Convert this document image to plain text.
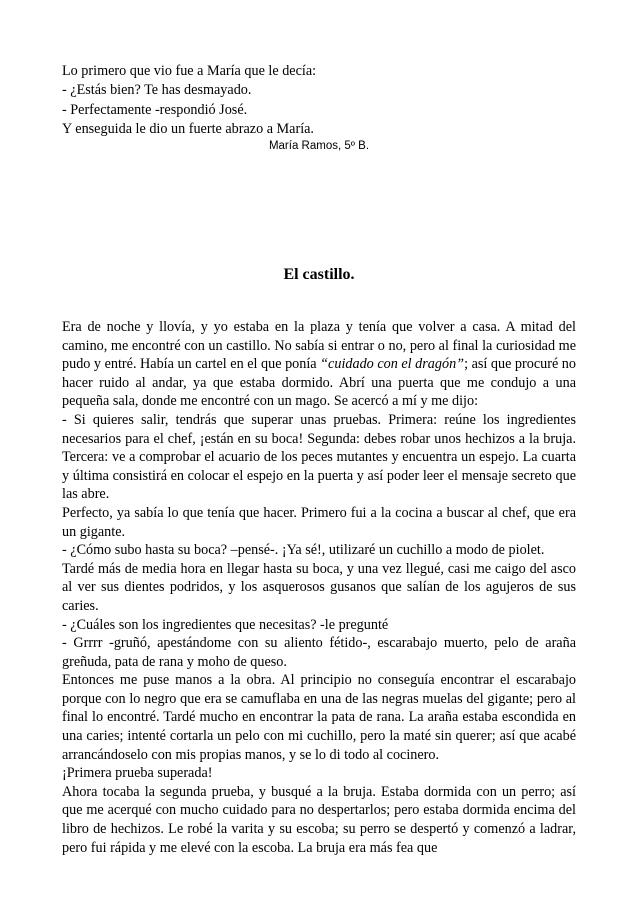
Lo primero que vio fue a María que le decía:

- ¿Estás bien? Te has desmayado.

- Perfectamente -respondió José.

Y enseguida le dio un fuerte abrazo a María.

María Ramos, 5º B.
El castillo.

Era de noche y llovía, y yo estaba en la plaza y tenía que volver a casa. A mitad del camino, me encontré con un castillo. No sabía si entrar o no, pero al final la curiosidad me pudo y entré. Había un cartel en el que ponía “cuidado con el dragón”; así que procuré no hacer ruido al andar, ya que estaba dormido. Abrí una puerta que me condujo a una pequeña sala, donde me encontré con un mago. Se acercó a mí y me dijo:

- Si quieres salir, tendrás que superar unas pruebas. Primera: reúne los ingredientes necesarios para el chef, ¡están en su boca! Segunda: debes robar unos hechizos a la bruja. Tercera: ve a comprobar el acuario de los peces mutantes y encuentra un espejo. La cuarta y última consistirá en colocar el espejo en la puerta y así poder leer el mensaje secreto que las abre.

Perfecto, ya sabía lo que tenía que hacer. Primero fui a la cocina a buscar al chef, que era un gigante.

- ¿Cómo subo hasta su boca? –pensé-. ¡Ya sé!, utilizaré un cuchillo a modo de piolet.

Tardé más de media hora en llegar hasta su boca, y una vez llegué, casi me caigo del asco al ver sus dientes podridos, y los asquerosos gusanos que salían de los agujeros de sus caries.

- ¿Cuáles son los ingredientes que necesitas? -le pregunté

- Grrrr -gruñó, apestándome con su aliento fétido-, escarabajo muerto, pelo de araña greñuda, pata de rana y moho de queso.

Entonces me puse manos a la obra. Al principio no conseguía encontrar el escarabajo porque con lo negro que era se camuflaba en una de las negras muelas del gigante; pero al final lo encontré. Tardé mucho en encontrar la pata de rana. La araña estaba escondida en una caries; intenté cortarla un pelo con mi cuchillo, pero la maté sin querer; así que acabé arrancándoselo con mis propias manos, y se lo di todo al cocinero.

¡Primera prueba superada!

Ahora tocaba la segunda prueba, y busqué a la bruja. Estaba dormida con un perro; así que me acerqué con mucho cuidado para no despertarlos; pero estaba dormida encima del libro de hechizos. Le robé la varita y su escoba; su perro se despertó y comenzó a ladrar, pero fui rápida y me elevé con la escoba. La bruja era más fea que
